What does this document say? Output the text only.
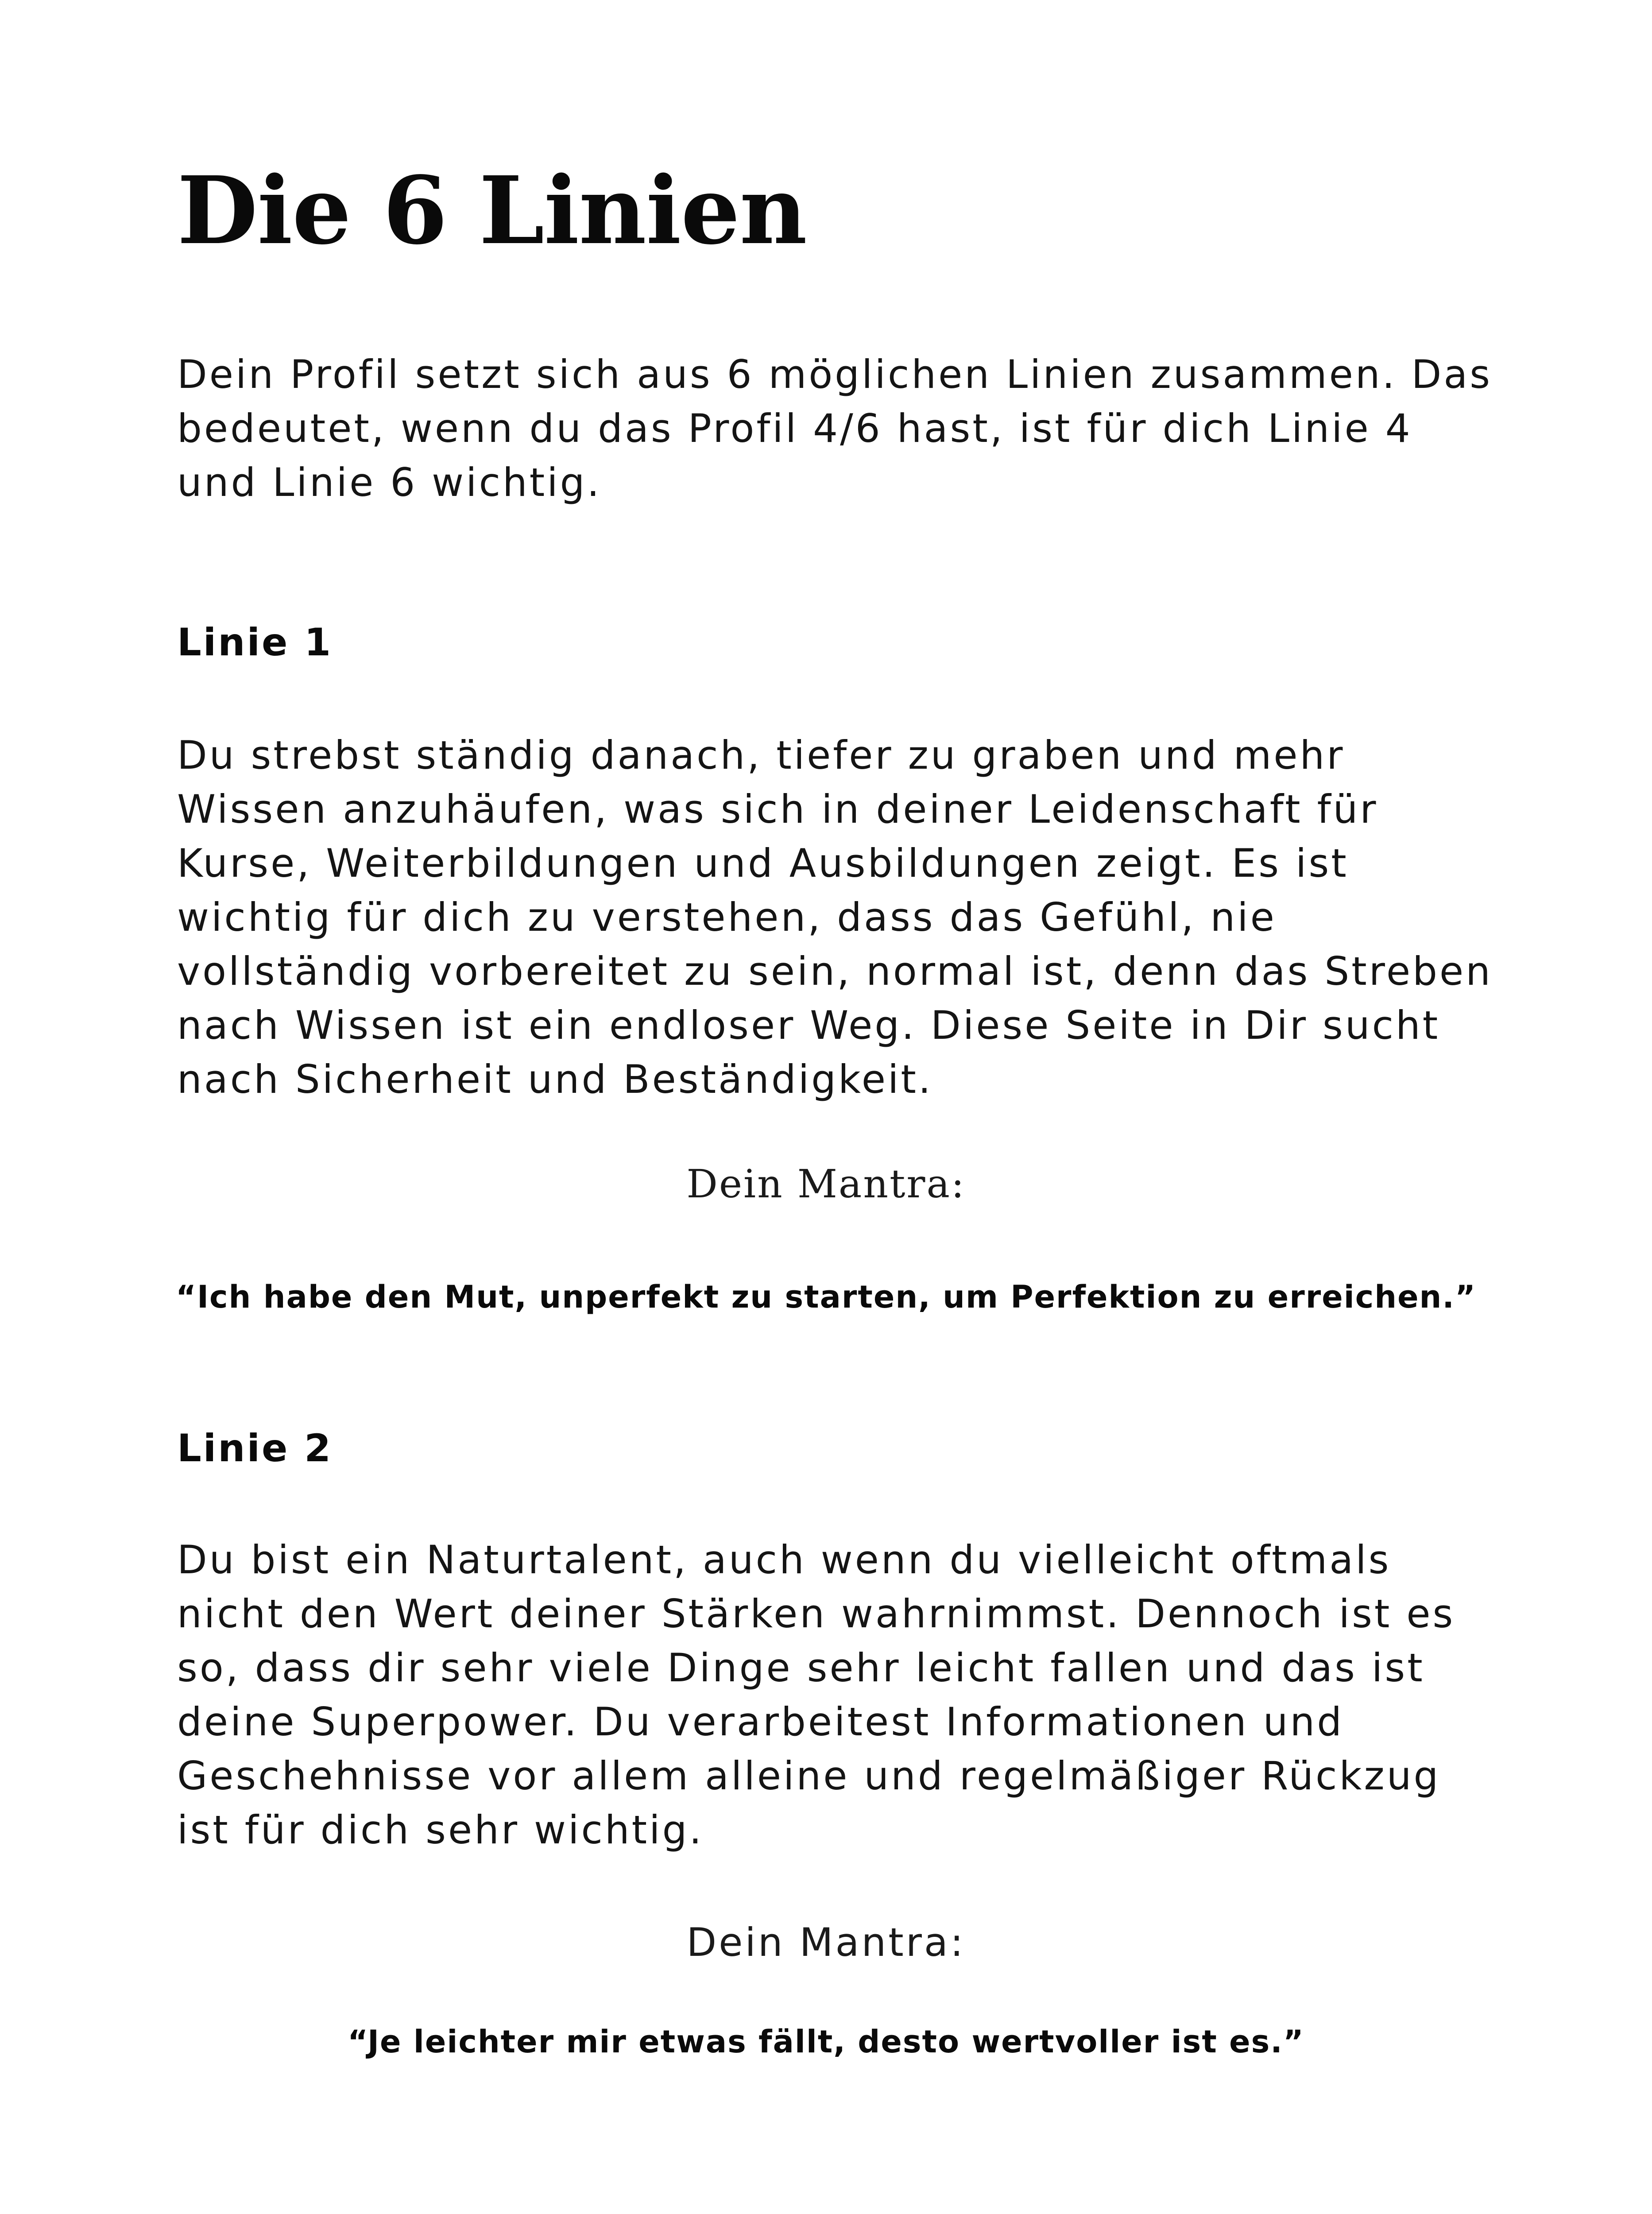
Die 6 Linien

Dein Profil setzt sich aus 6 möglichen Linien zusammen. Das bedeutet, wenn du das Profil 4/6 hast, ist für dich Linie 4 und Linie 6 wichtig.

Linie 1

Du strebst ständig danach, tiefer zu graben und mehr Wissen anzuhäufen, was sich in deiner Leidenschaft für Kurse, Weiterbildungen und Ausbildungen zeigt. Es ist wichtig für dich zu verstehen, dass das Gefühl, nie vollständig vorbereitet zu sein, normal ist, denn das Streben nach Wissen ist ein endloser Weg. Diese Seite in Dir sucht nach Sicherheit und Beständigkeit.

Dein Mantra:

“Ich habe den Mut, unperfekt zu starten, um Perfektion zu erreichen.”

Linie 2

Du bist ein Naturtalent, auch wenn du vielleicht oftmals nicht den Wert deiner Stärken wahrnimmst. Dennoch ist es so, dass dir sehr viele Dinge sehr leicht fallen und das ist deine Superpower. Du verarbeitest Informationen und Geschehnisse vor allem alleine und regelmäßiger Rückzug ist für dich sehr wichtig.

Dein Mantra:

“Je leichter mir etwas fällt, desto wertvoller ist es.”
